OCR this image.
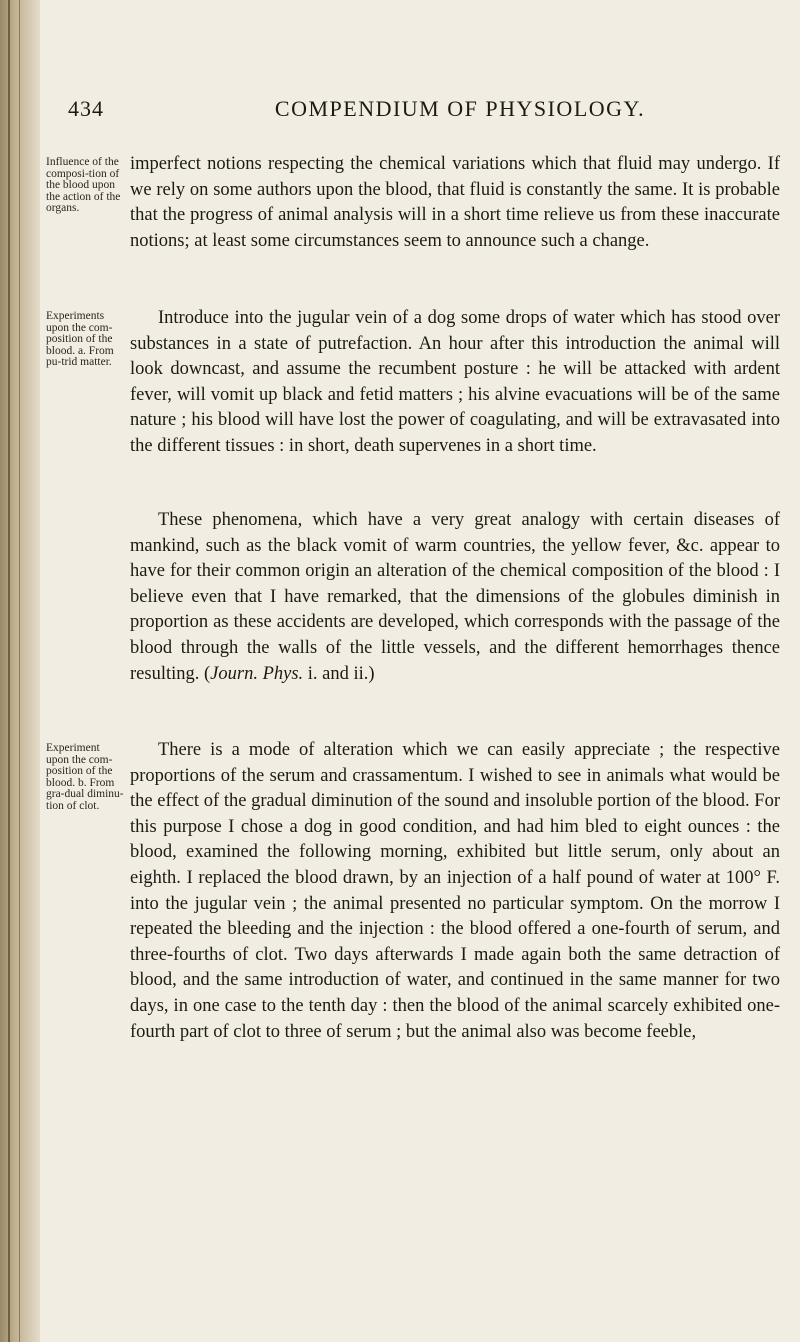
434	COMPENDIUM OF PHYSIOLOGY.
Influence of the composi-tion of the blood upon the action of the organs.

imperfect notions respecting the chemical variations which that fluid may undergo. If we rely on some authors upon the blood, that fluid is constantly the same. It is probable that the progress of animal analysis will in a short time relieve us from these inaccurate notions; at least some circumstances seem to announce such a change.

Experiments upon the com-position of the blood. a. From pu-trid matter.

Introduce into the jugular vein of a dog some drops of water which has stood over substances in a state of putrefaction. An hour after this introduction the animal will look downcast, and assume the recumbent posture : he will be attacked with ardent fever, will vomit up black and fetid matters ; his alvine evacuations will be of the same nature ; his blood will have lost the power of coagulating, and will be extravasated into the different tissues : in short, death supervenes in a short time.

These phenomena, which have a very great analogy with certain diseases of mankind, such as the black vomit of warm countries, the yellow fever, &c. appear to have for their common origin an alteration of the chemical composition of the blood : I believe even that I have remarked, that the dimensions of the globules diminish in proportion as these accidents are developed, which corresponds with the passage of the blood through the walls of the little vessels, and the different hemorrhages thence resulting. (Journ. Phys. i. and ii.)

Experiment upon the com-position of the blood. b. From gra-dual diminu-tion of clot.

There is a mode of alteration which we can easily appreciate ; the respective proportions of the serum and crassamentum. I wished to see in animals what would be the effect of the gradual diminution of the sound and insoluble portion of the blood. For this purpose I chose a dog in good condition, and had him bled to eight ounces : the blood, examined the following morning, exhibited but little serum, only about an eighth. I replaced the blood drawn, by an injection of a half pound of water at 100° F. into the jugular vein ; the animal presented no particular symptom. On the morrow I repeated the bleeding and the injection : the blood offered a one-fourth of serum, and three-fourths of clot. Two days afterwards I made again both the same detraction of blood, and the same introduction of water, and continued in the same manner for two days, in one case to the tenth day : then the blood of the animal scarcely exhibited one-fourth part of clot to three of serum ; but the animal also was become feeble,
